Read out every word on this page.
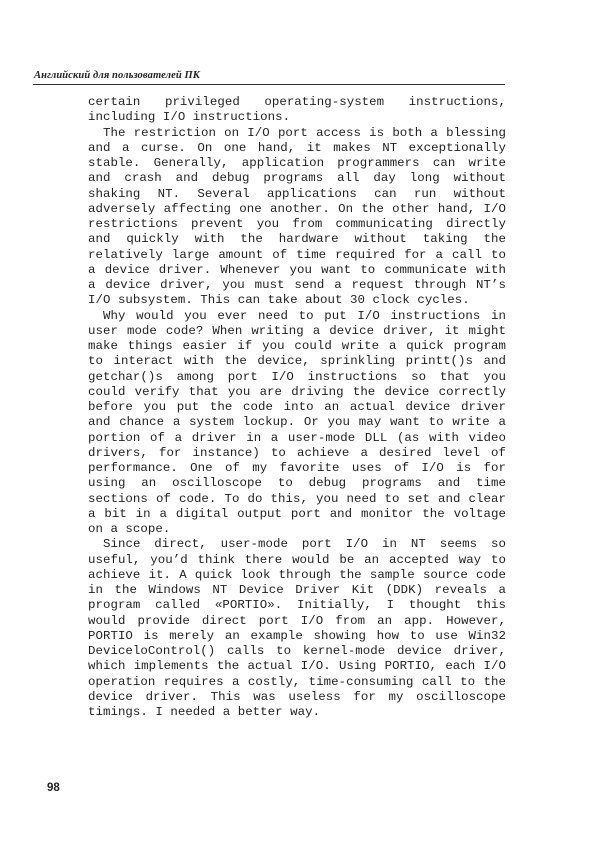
Английский для пользователей ПК

certain privileged operating-system instructions, including I/O instructions.

The restriction on I/O port access is both a blessing and a curse. On one hand, it makes NT exceptionally stable. Generally, application programmers can write and crash and debug programs all day long without shaking NT. Several applications can run without adversely affecting one another. On the other hand, I/O restrictions prevent you from communicating directly and quickly with the hardware without taking the relatively large amount of time required for a call to a device driver. Whenever you want to communicate with a device driver, you must send a request through NT’s I/O subsystem. This can take about 30 clock cycles.

Why would you ever need to put I/O instructions in user mode code? When writing a device driver, it might make things easier if you could write a quick program to interact with the device, sprinkling printt()s and getchar()s among port I/O instructions so that you could verify that you are driving the device correctly before you put the code into an actual device driver and chance a system lockup. Or you may want to write a portion of a driver in a user-mode DLL (as with video drivers, for instance) to achieve a desired level of performance. One of my favorite uses of I/O is for using an oscilloscope to debug programs and time sections of code. To do this, you need to set and clear a bit in a digital output port and monitor the voltage on a scope.

Since direct, user-mode port I/O in NT seems so useful, you’d think there would be an accepted way to achieve it. A quick look through the sample source code in the Windows NT Device Driver Kit (DDK) reveals a program called «PORTIO». Initially, I thought this would provide direct port I/O from an app. However, PORTIO is merely an example showing how to use Win32 DeviceloControl() calls to kernel-mode device driver, which implements the actual I/O. Using PORTIO, each I/O operation requires a costly, time-consuming call to the device driver. This was useless for my oscilloscope timings. I needed a better way.

98
